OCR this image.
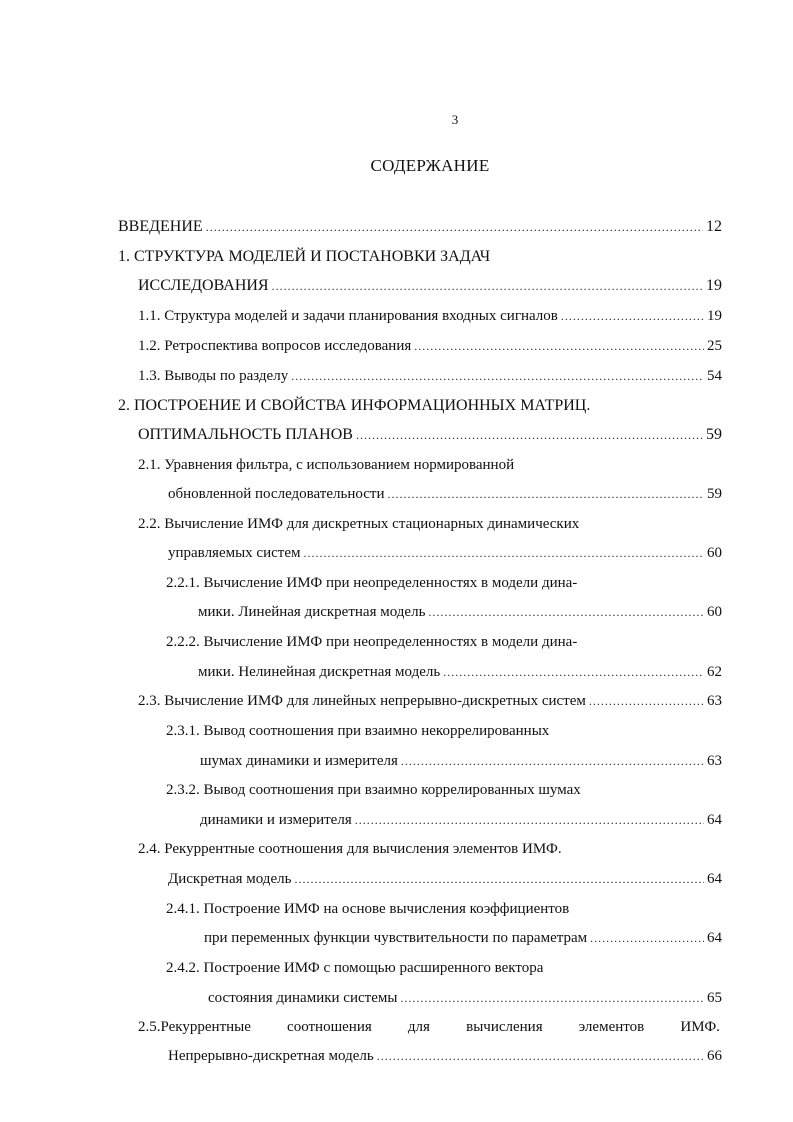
3
СОДЕРЖАНИЕ
ВВЕДЕНИЕ .....	12
1. СТРУКТУРА МОДЕЛЕЙ И ПОСТАНОВКИ ЗАДАЧ
ИССЛЕДОВАНИЯ .....	19
1.1. Структура моделей и задачи планирования входных сигналов .....	19
1.2. Ретроспектива вопросов исследования .....	25
1.3. Выводы по разделу .....	54
2. ПОСТРОЕНИЕ И СВОЙСТВА ИНФОРМАЦИОННЫХ МАТРИЦ.
ОПТИМАЛЬНОСТЬ ПЛАНОВ .....	59
2.1. Уравнения фильтра, с использованием нормированной
обновленной последовательности .....	59
2.2. Вычисление ИМФ для дискретных стационарных динамических
управляемых систем .....	60
2.2.1. Вычисление ИМФ при неопределенностях в модели дина-
мики. Линейная дискретная модель .....	60
2.2.2. Вычисление ИМФ при неопределенностях в модели дина-
мики. Нелинейная дискретная модель .....	62
2.3. Вычисление ИМФ для линейных непрерывно-дискретных систем .....	63
2.3.1. Вывод соотношения при взаимно некоррелированных
шумах динамики и измерителя .....	63
2.3.2. Вывод соотношения при взаимно коррелированных шумах
динамики и измерителя .....	64
2.4. Рекуррентные соотношения для вычисления элементов ИМФ.
Дискретная модель .....	64
2.4.1. Построение ИМФ на основе вычисления коэффициентов
при переменных функции чувствительности по параметрам .....	64
2.4.2. Построение ИМФ с помощью расширенного вектора
состояния динамики системы .....	65
2.5.Рекуррентные соотношения для вычисления элементов ИМФ.
Непрерывно-дискретная модель .....	66
